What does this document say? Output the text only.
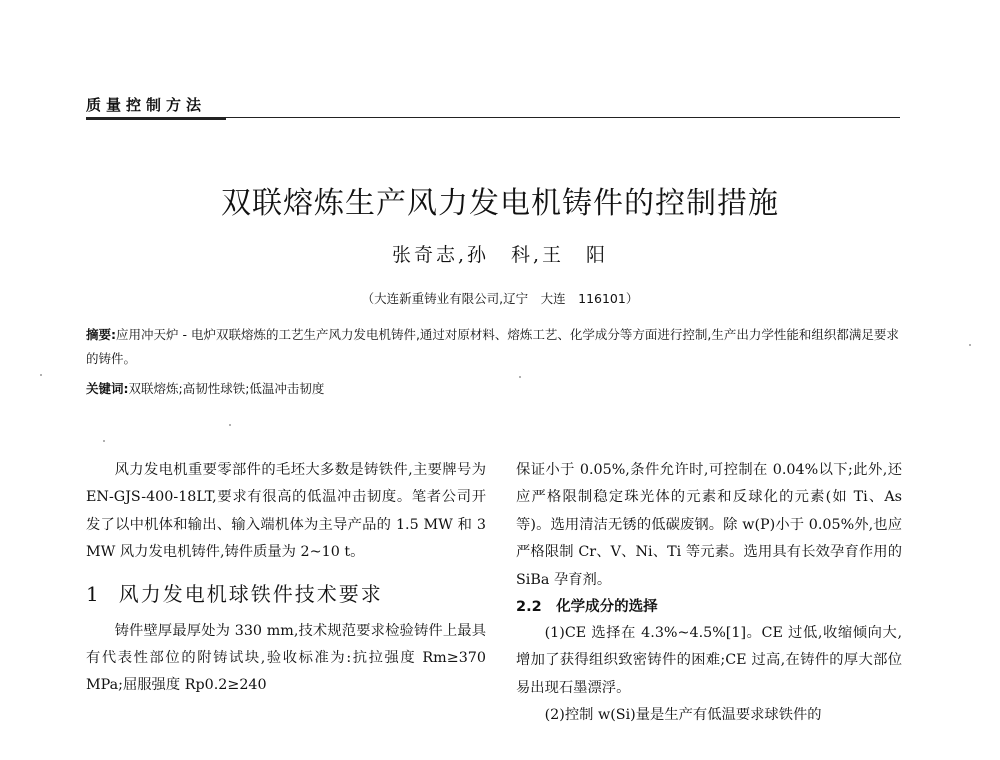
质量控制方法
双联熔炼生产风力发电机铸件的控制措施
张奇志,孙　科,王　阳
（大连新重铸业有限公司,辽宁　大连　116101）
摘要:应用冲天炉 - 电炉双联熔炼的工艺生产风力发电机铸件,通过对原材料、熔炼工艺、化学成分等方面进行控制,生产出力学性能和组织都满足要求的铸件。
关键词:双联熔炼;高韧性球铁;低温冲击韧度

风力发电机重要零部件的毛坯大多数是铸铁件,主要牌号为 EN-GJS-400-18LT,要求有很高的低温冲击韧度。笔者公司开发了以中机体和输出、输入端机体为主导产品的 1.5 MW 和 3 MW 风力发电机铸件,铸件质量为 2~10 t。

1 风力发电机球铁件技术要求

铸件壁厚最厚处为 330 mm,技术规范要求检验铸件上最具有代表性部位的附铸试块,验收标准为:抗拉强度 Rm≥370 MPa;屈服强度 Rp0.2≥240

保证小于 0.05%,条件允许时,可控制在 0.04%以下;此外,还应严格限制稳定珠光体的元素和反球化的元素(如 Ti、As 等)。选用清洁无锈的低碳废钢。除 w(P)小于 0.05%外,也应严格限制 Cr、V、Ni、Ti 等元素。选用具有长效孕育作用的 SiBa 孕育剂。

2.2　化学成分的选择

(1)CE 选择在 4.3%~4.5%[1]。CE 过低,收缩倾向大,增加了获得组织致密铸件的困难;CE 过高,在铸件的厚大部位易出现石墨漂浮。

(2)控制 w(Si)量是生产有低温要求球铁件的
